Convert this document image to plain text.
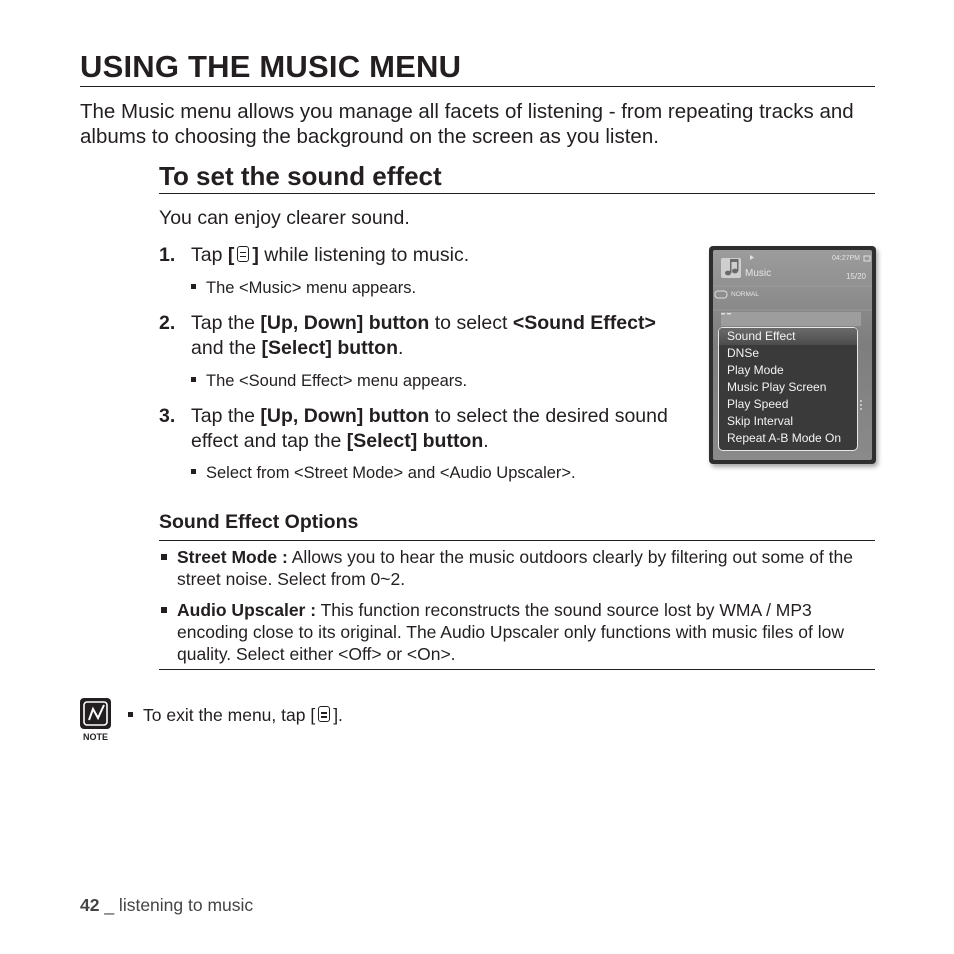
USING THE MUSIC MENU
The Music menu allows you manage all facets of listening - from repeating tracks and albums to choosing the background on the screen as you listen.
To set the sound effect
You can enjoy clearer sound.
1. Tap [ ] while listening to music.
The <Music> menu appears.
2. Tap the [Up, Down] button to select <Sound Effect> and the [Select] button.
The <Sound Effect> menu appears.
3. Tap the [Up, Down] button to select the desired sound effect and tap the [Select] button.
Select from <Street Mode> and <Audio Upscaler>.
04:27PM
Music	15/20
NORMAL
Sound Effect
DNSe
Play Mode
Music Play Screen
Play Speed
Skip Interval
Repeat A-B Mode On
Sound Effect Options
Street Mode : Allows you to hear the music outdoors clearly by filtering out some of the street noise. Select from 0~2.
Audio Upscaler : This function reconstructs the sound source lost by WMA / MP3 encoding close to its original. The Audio Upscaler only functions with music files of low quality. Select either <Off> or <On>.
NOTE
To exit the menu, tap [ ].
42 _ listening to music
